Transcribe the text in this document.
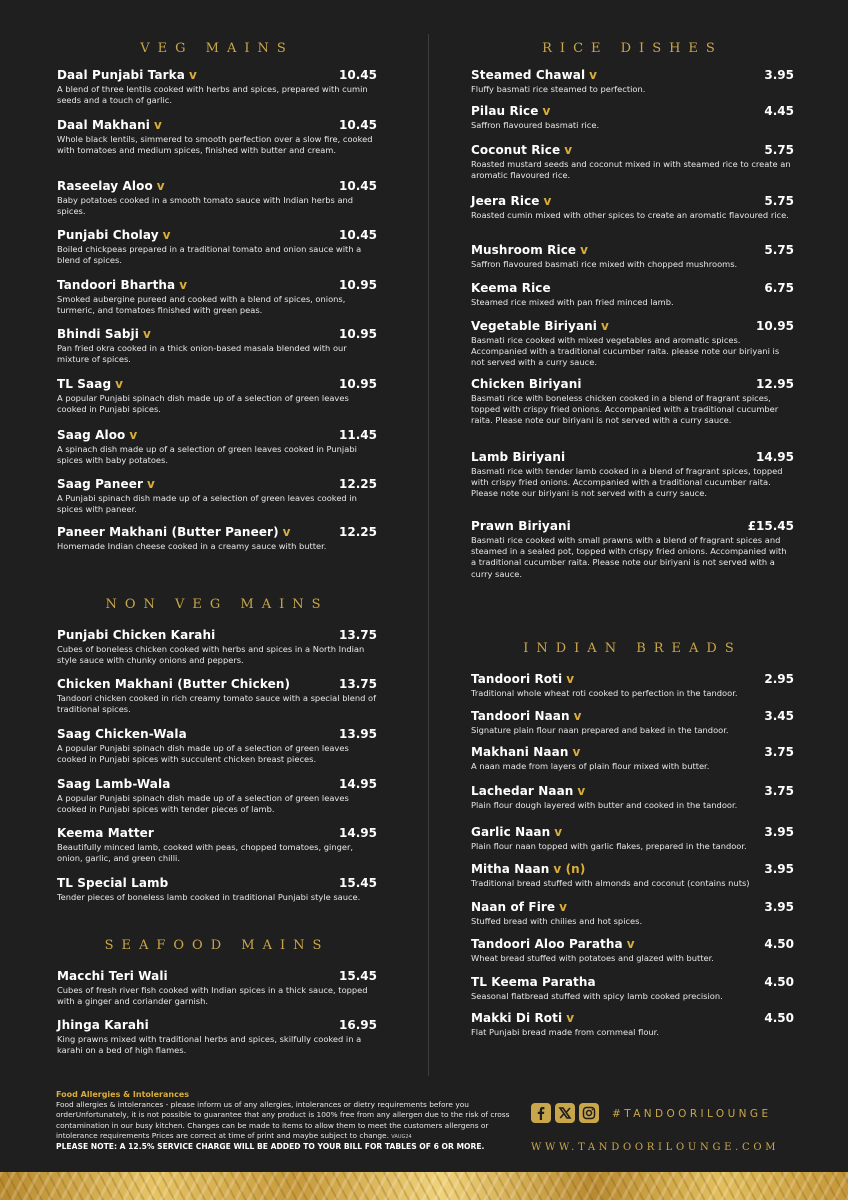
VEG MAINS
Daal Punjabi Tarka v	10.45
A blend of three lentils cooked with herbs and spices, prepared with cumin seeds and a touch of garlic.
Daal Makhani v	10.45
Whole black lentils, simmered to smooth perfection over a slow fire, cooked with tomatoes and medium spices, finished with butter and cream.
Raseelay Aloo v	10.45
Baby potatoes cooked in a smooth tomato sauce with Indian herbs and spices.
Punjabi Cholay v	10.45
Boiled chickpeas prepared in a traditional tomato and onion sauce with a blend of spices.
Tandoori Bhartha v	10.95
Smoked aubergine pureed and cooked with a blend of spices, onions, turmeric, and tomatoes finished with green peas.
Bhindi Sabji v	10.95
Pan fried okra cooked in a thick onion-based masala blended with our mixture of spices.
TL Saag v	10.95
A popular Punjabi spinach dish made up of a selection of green leaves cooked in Punjabi spices.
Saag Aloo v	11.45
A spinach dish made up of a selection of green leaves cooked in Punjabi spices with baby potatoes.
Saag Paneer v	12.25
A Punjabi spinach dish made up of a selection of green leaves cooked in spices with paneer.
Paneer Makhani (Butter Paneer) v	12.25
Homemade Indian cheese cooked in a creamy sauce with butter.
NON VEG MAINS
Punjabi Chicken Karahi	13.75
Cubes of boneless chicken cooked with herbs and spices in a North Indian style sauce with chunky onions and peppers.
Chicken Makhani (Butter Chicken)	13.75
Tandoori chicken cooked in rich creamy tomato sauce with a special blend of traditional spices.
Saag Chicken-Wala	13.95
A popular Punjabi spinach dish made up of a selection of green leaves cooked in Punjabi spices with succulent chicken breast pieces.
Saag Lamb-Wala	14.95
A popular Punjabi spinach dish made up of a selection of green leaves cooked in Punjabi spices with tender pieces of lamb.
Keema Matter	14.95
Beautifully minced lamb, cooked with peas, chopped tomatoes, ginger, onion, garlic, and green chilli.
TL Special Lamb	15.45
Tender pieces of boneless lamb cooked in traditional Punjabi style sauce.
SEAFOOD MAINS
Macchi Teri Wali	15.45
Cubes of fresh river fish cooked with Indian spices in a thick sauce, topped with a ginger and coriander garnish.
Jhinga Karahi	16.95
King prawns mixed with traditional herbs and spices, skilfully cooked in a karahi on a bed of high flames.
RICE DISHES
Steamed Chawal v	3.95
Fluffy basmati rice steamed to perfection.
Pilau Rice v	4.45
Saffron flavoured basmati rice.
Coconut Rice v	5.75
Roasted mustard seeds and coconut mixed in with steamed rice to create an aromatic flavoured rice.
Jeera Rice v	5.75
Roasted cumin mixed with other spices to create an aromatic flavoured rice.
Mushroom Rice v	5.75
Saffron flavoured basmati rice mixed with chopped mushrooms.
Keema Rice	6.75
Steamed rice mixed with pan fried minced lamb.
Vegetable Biriyani v	10.95
Basmati rice cooked with mixed vegetables and aromatic spices. Accompanied with a traditional cucumber raita. please note our biriyani is not served with a curry sauce.
Chicken Biriyani	12.95
Basmati rice with boneless chicken cooked in a blend of fragrant spices, topped with crispy fried onions. Accompanied with a traditional cucumber raita. Please note our biriyani is not served with a curry sauce.
Lamb Biriyani	14.95
Basmati rice with tender lamb cooked in a blend of fragrant spices, topped with crispy fried onions. Accompanied with a traditional cucumber raita. Please note our biriyani is not served with a curry sauce.
Prawn Biriyani	£15.45
Basmati rice cooked with small prawns with a blend of fragrant spices and steamed in a sealed pot, topped with crispy fried onions. Accompanied with a traditional cucumber raita. Please note our biriyani is not served with a curry sauce.
INDIAN BREADS
Tandoori Roti v	2.95
Traditional whole wheat roti cooked to perfection in the tandoor.
Tandoori Naan v	3.45
Signature plain flour naan prepared and baked in the tandoor.
Makhani Naan v	3.75
A naan made from layers of plain flour mixed with butter.
Lachedar Naan v	3.75
Plain flour dough layered with butter and cooked in the tandoor.
Garlic Naan v	3.95
Plain flour naan topped with garlic flakes, prepared in the tandoor.
Mitha Naan v (n)	3.95
Traditional bread stuffed with almonds and coconut (contains nuts)
Naan of Fire v	3.95
Stuffed bread with chilies and hot spices.
Tandoori Aloo Paratha v	4.50
Wheat bread stuffed with potatoes and glazed with butter.
TL Keema Paratha	4.50
Seasonal flatbread stuffed with spicy lamb cooked precision.
Makki Di Roti v	4.50
Flat Punjabi bread made from cornmeal flour.
Food Allergies & Intolerances
Food allergies & intolerances - please inform us of any allergies, intolerances or dietry requirements before you orderUnfortunately, it is not possible to guarantee that any product is 100% free from any allergen due to the risk of cross contamination in our busy kitchen. Changes can be made to items to allow them to meet the customers allergens or intolerance requirements Prices are correct at time of print and maybe subject to change. VAUG24
PLEASE NOTE: A 12.5% SERVICE CHARGE WILL BE ADDED TO YOUR BILL FOR TABLES OF 6 OR MORE.
#TANDOORILOUNGE
WWW.TANDOORILOUNGE.COM
